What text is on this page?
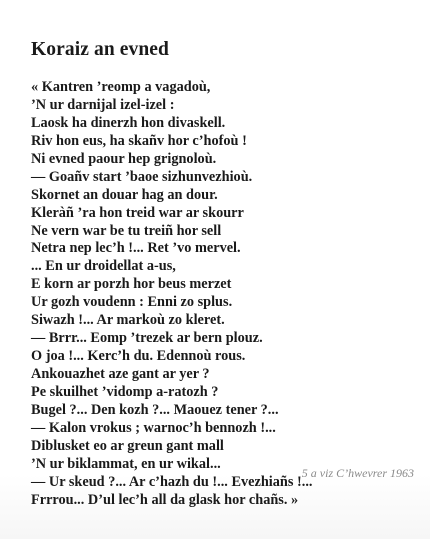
Koraiz an evned
« Kantren ’reomp a vagadoù,
’N ur darnijal izel-izel :
Laosk ha dinerzh hon divaskell.
Riv hon eus, ha skañv hor c’hofoù !
Ni evned paour hep grignoloù.
— Goañv start ’baoe sizhunvezhioù.
Skornet an douar hag an dour.
Kleràñ ’ra hon treid war ar skourr
Ne vern war be tu treiñ hor sell
Netra nep lec’h !... Ret ’vo mervel.
... En ur droidellat a-us,
E korn ar porzh hor beus merzet
Ur gozh voudenn : Enni zo splus.
Siwazh !... Ar markoù zo kleret.
— Brrr... Eomp ’trezek ar bern plouz.
O joa !... Kerc’h du. Edennoù rous.
Ankouazhet aze gant ar yer ?
Pe skuilhet ’vidomp a-ratozh ?
Bugel ?... Den kozh ?... Maouez tener ?...
— Kalon vrokus ; warnoc’h bennozh !...
Diblusket eo ar greun gant mall
’N ur biklammat, en ur wikal...
— Ur skeud ?... Ar c’hazh du !... Evezhiañs !...
Frrrou... D’ul lec’h all da glask hor chañs. »
5 a viz C’hwevrer 1963
